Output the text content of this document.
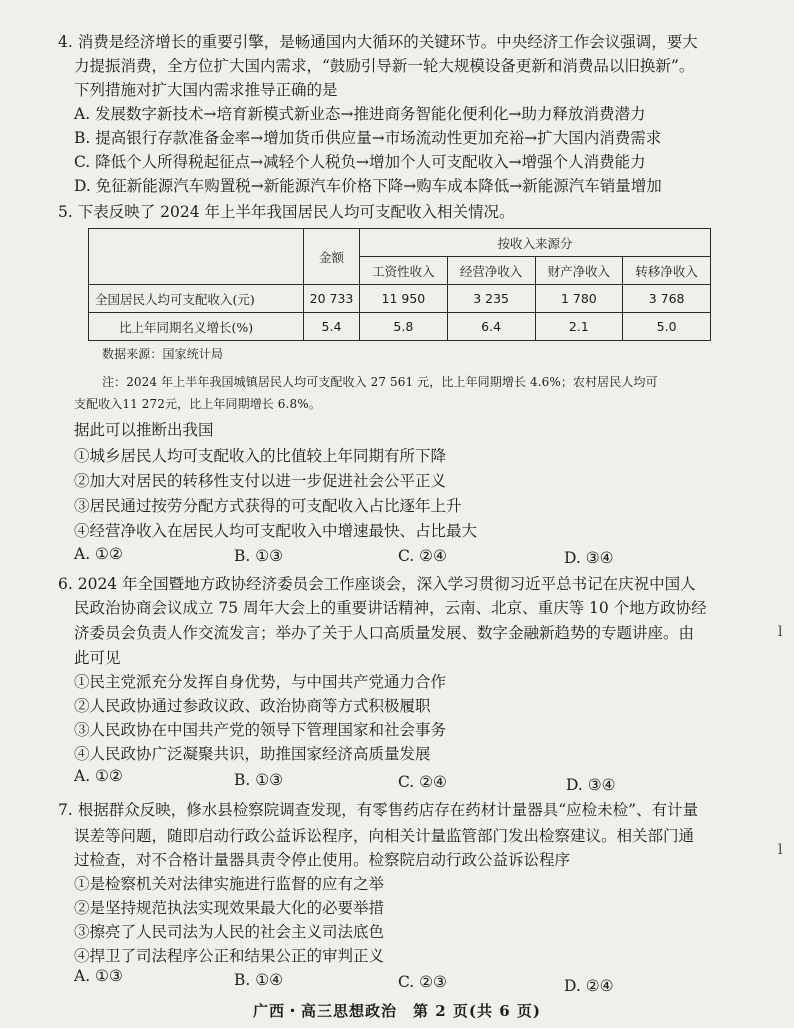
4. 消费是经济增长的重要引擎，是畅通国内大循环的关键环节。中央经济工作会议强调，要大
力提振消费，全方位扩大国内需求，“鼓励引导新一轮大规模设备更新和消费品以旧换新”。
下列措施对扩大国内需求推导正确的是
A. 发展数字新技术→培育新模式新业态→推进商务智能化便利化→助力释放消费潜力
B. 提高银行存款准备金率→增加货币供应量→市场流动性更加充裕→扩大国内消费需求
C. 降低个人所得税起征点→减轻个人税负→增加个人可支配收入→增强个人消费能力
D. 免征新能源汽车购置税→新能源汽车价格下降→购车成本降低→新能源汽车销量增加
5. 下表反映了 2024 年上半年我国居民人均可支配收入相关情况。
	金额	按收入来源分			
		工资性收入	经营净收入	财产净收入	转移净收入
全国居民人均可支配收入(元)	20 733	11 950	3 235	1 780	3 768
比上年同期名义增长(%)	5.4	5.8	6.4	2.1	5.0
数据来源：国家统计局
注：2024 年上半年我国城镇居民人均可支配收入 27 561 元，比上年同期增长 4.6%；农村居民人均可
支配收入11 272元，比上年同期增长 6.8%。
据此可以推断出我国
①城乡居民人均可支配收入的比值较上年同期有所下降
②加大对居民的转移性支付以进一步促进社会公平正义
③居民通过按劳分配方式获得的可支配收入占比逐年上升
④经营净收入在居民人均可支配收入中增速最快、占比最大
A. ①②	B. ①③	C. ②④	D. ③④
6. 2024 年全国暨地方政协经济委员会工作座谈会，深入学习贯彻习近平总书记在庆祝中国人
民政治协商会议成立 75 周年大会上的重要讲话精神，云南、北京、重庆等 10 个地方政协经
济委员会负责人作交流发言；举办了关于人口高质量发展、数字金融新趋势的专题讲座。由
此可见
①民主党派充分发挥自身优势，与中国共产党通力合作
②人民政协通过参政议政、政治协商等方式积极履职
③人民政协在中国共产党的领导下管理国家和社会事务
④人民政协广泛凝聚共识，助推国家经济高质量发展
A. ①②	B. ①③	C. ②④	D. ③④
7. 根据群众反映，修水县检察院调查发现，有零售药店存在药材计量器具“应检未检”、有计量
误差等问题，随即启动行政公益诉讼程序，向相关计量监管部门发出检察建议。相关部门通
过检查，对不合格计量器具责令停止使用。检察院启动行政公益诉讼程序
①是检察机关对法律实施进行监督的应有之举
②是坚持规范执法实现效果最大化的必要举措
③擦亮了人民司法为人民的社会主义司法底色
④捍卫了司法程序公正和结果公正的审判正义
A. ①③	B. ①④	C. ②③	D. ②④
l
l
广西・高三思想政治　第 2 页(共 6 页)
